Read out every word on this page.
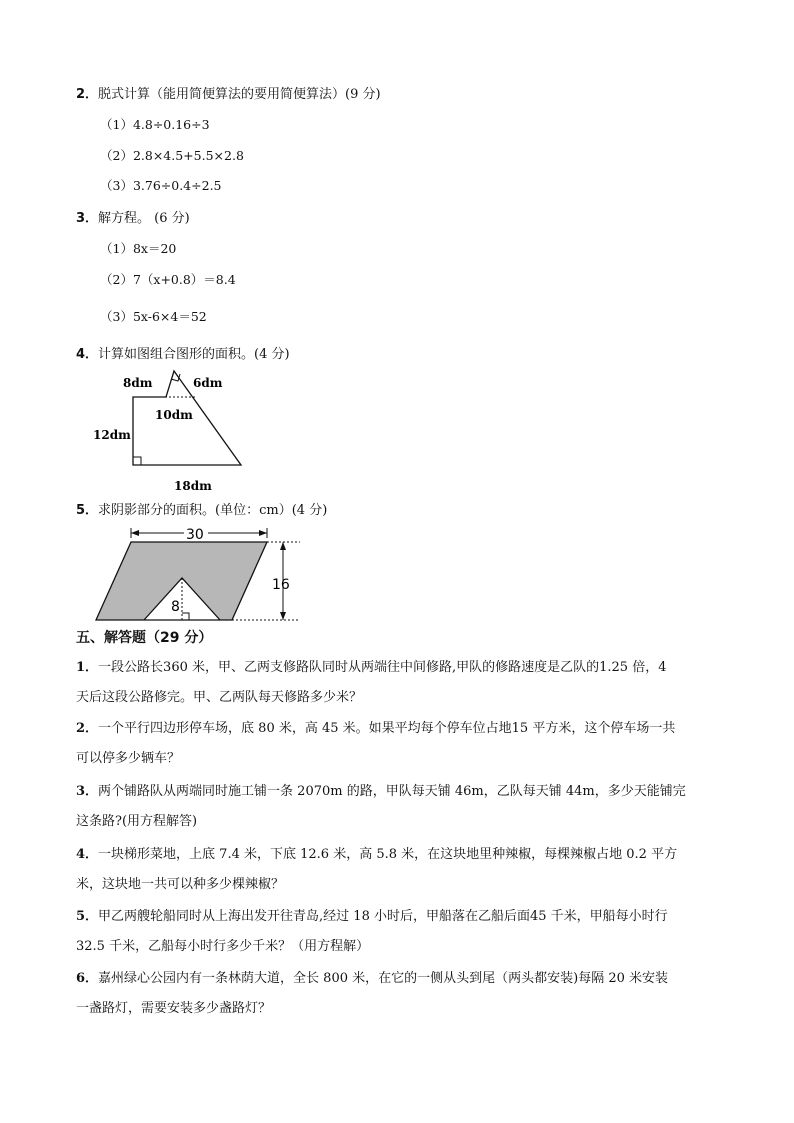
2．脱式计算（能用简便算法的要用简便算法）(9 分)
（1）4.8÷0.16÷3
（2）2.8×4.5+5.5×2.8
（3）3.76÷0.4÷2.5
3．解方程。 (6 分)
（1）8x＝20
（2）7（x+0.8）＝8.4
（3）5x-6×4＝52
4．计算如图组合图形的面积。(4 分)
8dm	6dm
10dm
12dm
18dm
30
16
8
5．求阴影部分的面积。(单位：cm）(4 分)
五、解答题（29 分）
1．一段公路长360 米，甲、乙两支修路队同时从两端往中间修路,甲队的修路速度是乙队的1.25 倍，4
天后这段公路修完。甲、乙两队每天修路多少米？
2．一个平行四边形停车场，底 80 米，高 45 米。如果平均每个停车位占地15 平方米，这个停车场一共
可以停多少辆车？
3．两个铺路队从两端同时施工铺一条 2070m 的路，甲队每天铺 46m，乙队每天铺 44m，多少天能铺完
这条路?(用方程解答)
4．一块梯形菜地，上底 7.4 米，下底 12.6 米，高 5.8 米，在这块地里种辣椒，每棵辣椒占地 0.2 平方
米，这块地一共可以种多少棵辣椒？
5．甲乙两艘轮船同时从上海出发开往青岛,经过 18 小时后，甲船落在乙船后面45 千米，甲船每小时行
32.5 千米，乙船每小时行多少千米？（用方程解）
6．嘉州绿心公园内有一条林荫大道，全长 800 米，在它的一侧从头到尾（两头都安装)每隔 20 米安装
一盏路灯，需要安装多少盏路灯？
